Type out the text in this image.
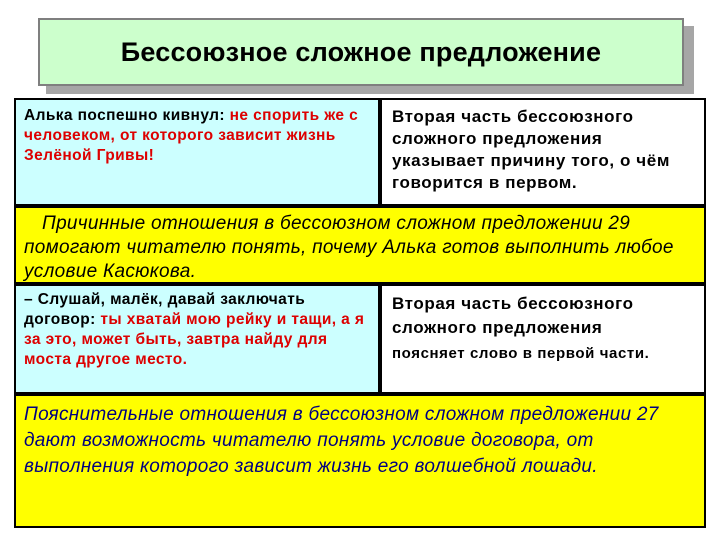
Бессоюзное сложное предложение
Алька поспешно кивнул: не спорить же с человеком, от которого зависит жизнь Зелёной Гривы!
Вторая часть бессоюзного сложного предложения указывает причину того, о чём говорится в первом.
Причинные отношения в бессоюзном сложном предложении 29 помогают читателю понять, почему Алька готов выполнить любое условие Касюкова.
– Слушай, малёк, давай заключать договор: ты хватай мою рейку и тащи, а я за это, может быть, завтра найду для моста другое место.
Вторая часть бессоюзного сложного предложения
поясняет слово в первой части.
Пояснительные отношения в бессоюзном сложном предложении 27 дают возможность читателю понять условие договора, от выполнения которого зависит жизнь его волшебной лошади.
